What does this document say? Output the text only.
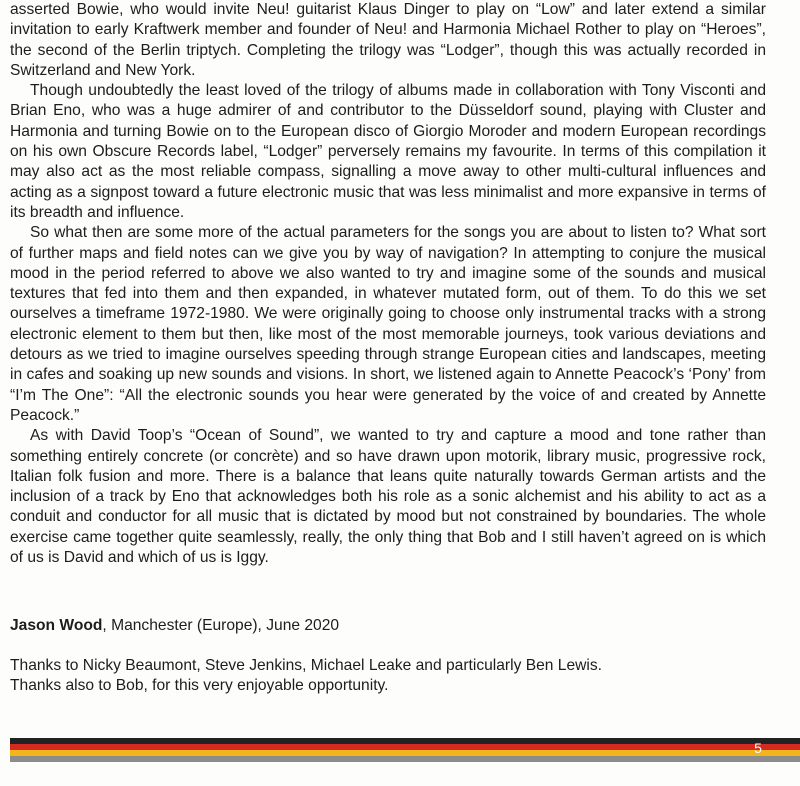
asserted Bowie, who would invite Neu! guitarist Klaus Dinger to play on “Low” and later extend a similar invitation to early Kraftwerk member and founder of Neu! and Harmonia Michael Rother to play on “Heroes”, the second of the Berlin triptych. Completing the trilogy was “Lodger”, though this was actually recorded in Switzerland and New York.

Though undoubtedly the least loved of the trilogy of albums made in collaboration with Tony Visconti and Brian Eno, who was a huge admirer of and contributor to the Düsseldorf sound, playing with Cluster and Harmonia and turning Bowie on to the European disco of Giorgio Moroder and modern European recordings on his own Obscure Records label, “Lodger” perversely remains my favourite. In terms of this compilation it may also act as the most reliable compass, signalling a move away to other multi-cultural influences and acting as a signpost toward a future electronic music that was less minimalist and more expansive in terms of its breadth and influence.

So what then are some more of the actual parameters for the songs you are about to listen to? What sort of further maps and field notes can we give you by way of navigation? In attempting to conjure the musical mood in the period referred to above we also wanted to try and imagine some of the sounds and musical textures that fed into them and then expanded, in whatever mutated form, out of them. To do this we set ourselves a timeframe 1972-1980. We were originally going to choose only instrumental tracks with a strong electronic element to them but then, like most of the most memorable journeys, took various deviations and detours as we tried to imagine ourselves speeding through strange European cities and landscapes, meeting in cafes and soaking up new sounds and visions. In short, we listened again to Annette Peacock’s ‘Pony’ from “I’m The One”: “All the electronic sounds you hear were generated by the voice of and created by Annette Peacock.”

As with David Toop’s “Ocean of Sound”, we wanted to try and capture a mood and tone rather than something entirely concrete (or concrète) and so have drawn upon motorik, library music, progressive rock, Italian folk fusion and more. There is a balance that leans quite naturally towards German artists and the inclusion of a track by Eno that acknowledges both his role as a sonic alchemist and his ability to act as a conduit and conductor for all music that is dictated by mood but not constrained by boundaries. The whole exercise came together quite seamlessly, really, the only thing that Bob and I still haven’t agreed on is which of us is David and which of us is Iggy.

Jason Wood, Manchester (Europe), June 2020
Thanks to Nicky Beaumont, Steve Jenkins, Michael Leake and particularly Ben Lewis.
Thanks also to Bob, for this very enjoyable opportunity.
5
